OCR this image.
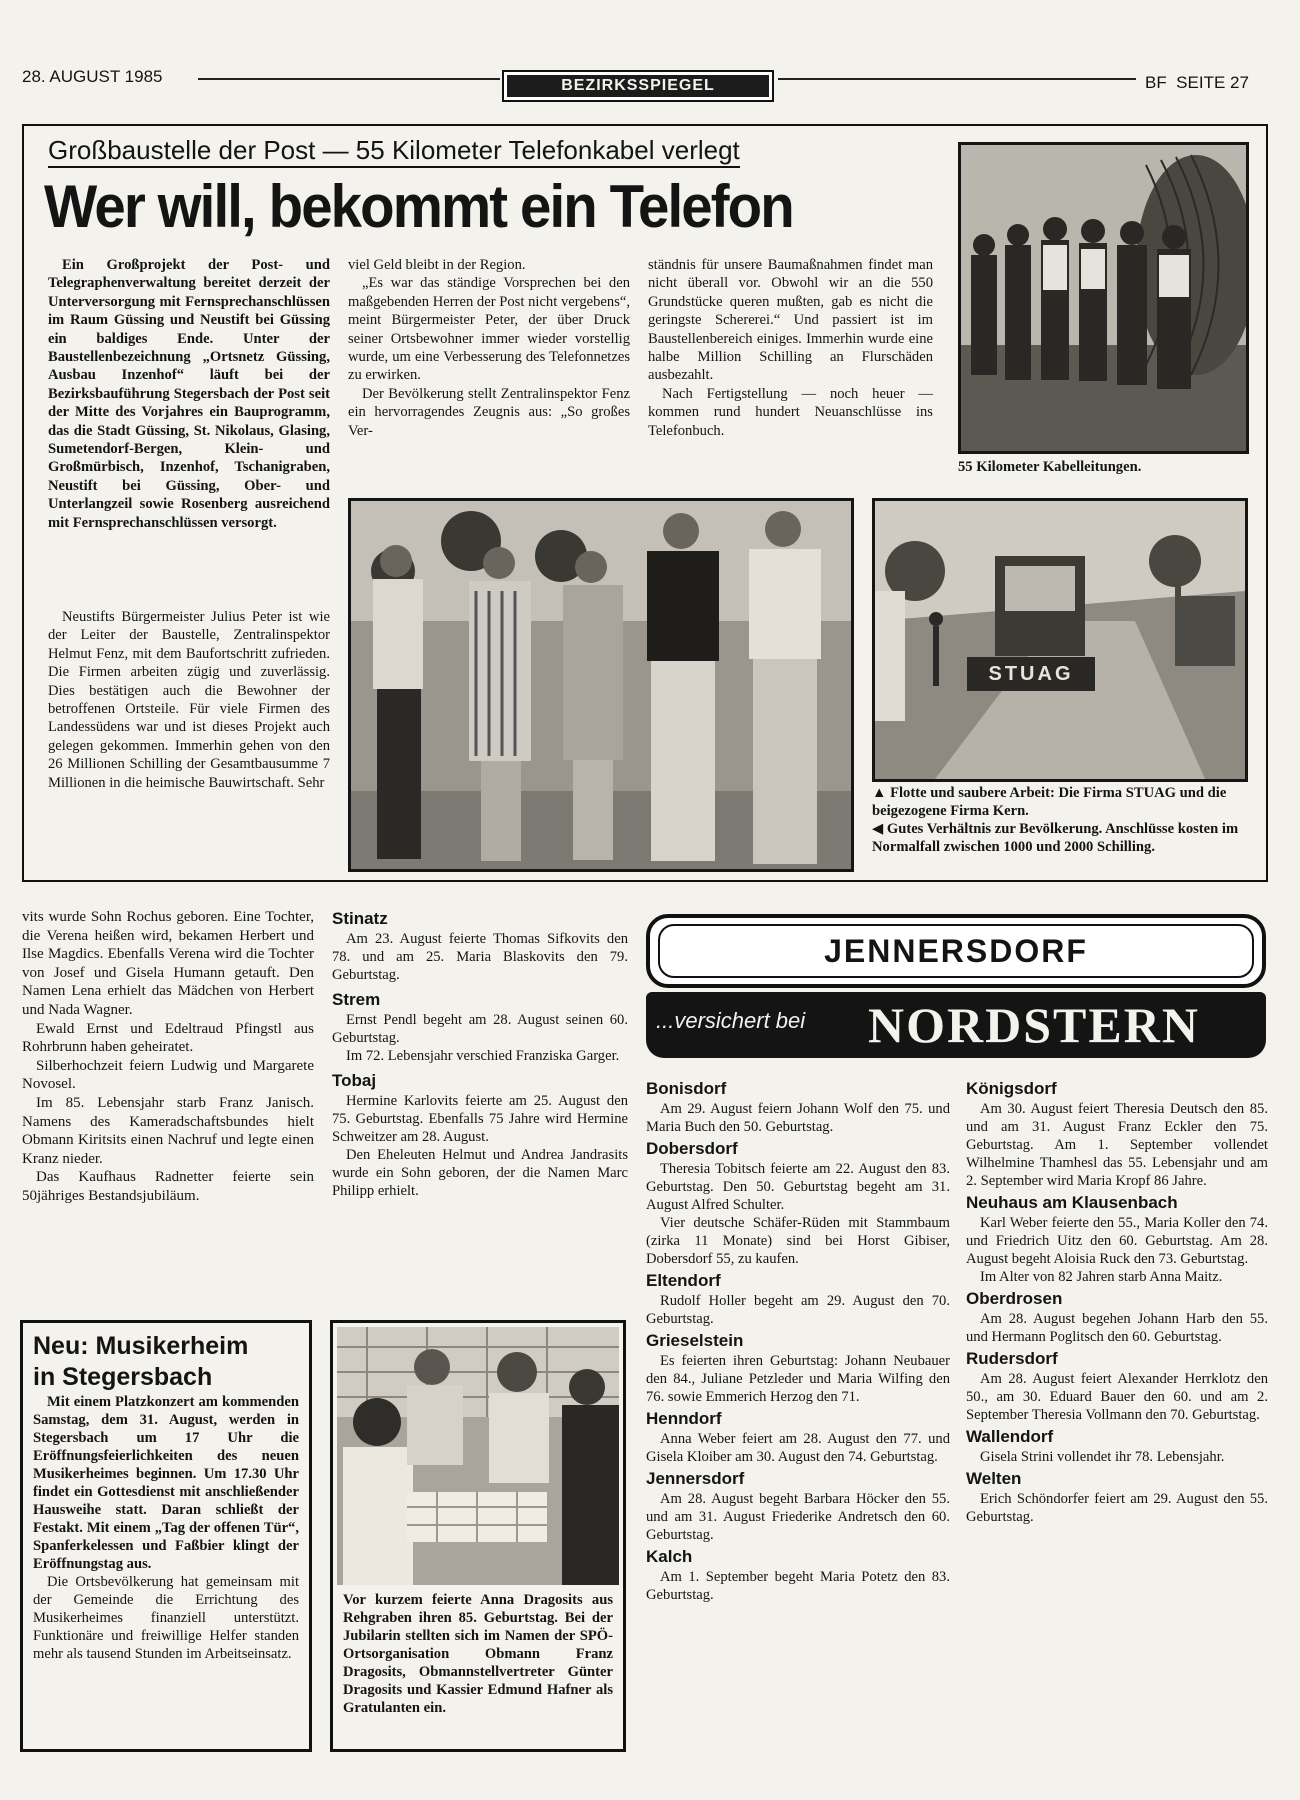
28. AUGUST 1985	BEZIRKSSPIEGEL	BF  SEITE 27
Großbaustelle der Post — 55 Kilometer Telefonkabel verlegt
Wer will, bekommt ein Telefon

Ein Großprojekt der Post- und Telegraphenverwaltung bereitet derzeit der Unterversorgung mit Fernsprechanschlüssen im Raum Güssing und Neustift bei Güssing ein baldiges Ende. Unter der Baustellenbezeichnung „Ortsnetz Güssing, Ausbau Inzenhof“ läuft bei der Bezirksbauführung Stegersbach der Post seit der Mitte des Vorjahres ein Bauprogramm, das die Stadt Güssing, St. Nikolaus, Glasing, Sumetendorf-Bergen, Klein- und Großmürbisch, Inzenhof, Tschanigraben, Neustift bei Güssing, Ober- und Unterlangzeil sowie Rosenberg ausreichend mit Fernsprechanschlüssen versorgt.

Neustifts Bürgermeister Julius Peter ist wie der Leiter der Baustelle, Zentralinspektor Helmut Fenz, mit dem Baufortschritt zufrieden. Die Firmen arbeiten zügig und zuverlässig. Dies bestätigen auch die Bewohner der betroffenen Ortsteile. Für viele Firmen des Landessüdens war und ist dieses Projekt auch gelegen gekommen. Immerhin gehen von den 26 Millionen Schilling der Gesamtbausumme 7 Millionen in die heimische Bauwirtschaft. Sehr

viel Geld bleibt in der Region.

„Es war das ständige Vorsprechen bei den maßgebenden Herren der Post nicht vergebens“, meint Bürgermeister Peter, der über Druck seiner Ortsbewohner immer wieder vorstellig wurde, um eine Verbesserung des Telefonnetzes zu erwirken.

Der Bevölkerung stellt Zentralinspektor Fenz ein hervorragendes Zeugnis aus: „So großes Ver-

ständnis für unsere Baumaßnahmen findet man nicht überall vor. Obwohl wir an die 550 Grundstücke queren mußten, gab es nicht die geringste Schererei.“ Und passiert ist im Baustellenbereich einiges. Immerhin wurde eine halbe Million Schilling an Flurschäden ausbezahlt.

Nach Fertigstellung — noch heuer — kommen rund hundert Neuanschlüsse ins Telefonbuch.

55 Kilometer Kabelleitungen.
STUAG

▲ Flotte und saubere Arbeit: Die Firma STUAG und die beigezogene Firma Kern.

◀ Gutes Verhältnis zur Bevölkerung. Anschlüsse kosten im Normalfall zwischen 1000 und 2000 Schilling.

vits wurde Sohn Rochus geboren. Eine Tochter, die Verena heißen wird, bekamen Herbert und Ilse Magdics. Ebenfalls Verena wird die Tochter von Josef und Gisela Humann getauft. Den Namen Lena erhielt das Mädchen von Herbert und Nada Wagner.

Ewald Ernst und Edeltraud Pfingstl aus Rohrbrunn haben geheiratet.

Silberhochzeit feiern Ludwig und Margarete Novosel.

Im 85. Lebensjahr starb Franz Janisch. Namens des Kameradschaftsbundes hielt Obmann Kiritsits einen Nachruf und legte einen Kranz nieder.

Das Kaufhaus Radnetter feierte sein 50jähriges Bestandsjubiläum.

Stinatz

Am 23. August feierte Thomas Sifkovits den 78. und am 25. Maria Blaskovits den 79. Geburtstag.

Strem

Ernst Pendl begeht am 28. August seinen 60. Geburtstag.

Im 72. Lebensjahr verschied Franziska Garger.

Tobaj

Hermine Karlovits feierte am 25. August den 75. Geburtstag. Ebenfalls 75 Jahre wird Hermine Schweitzer am 28. August.

Den Eheleuten Helmut und Andrea Jandrasits wurde ein Sohn geboren, der die Namen Marc Philipp erhielt.

JENNERSDORF
...versichert bei NORDSTERN
Bonisdorf

Am 29. August feiern Johann Wolf den 75. und Maria Buch den 50. Geburtstag.

Dobersdorf

Theresia Tobitsch feierte am 22. August den 83. Geburtstag. Den 50. Geburtstag begeht am 31. August Alfred Schulter.

Vier deutsche Schäfer-Rüden mit Stammbaum (zirka 11 Monate) sind bei Horst Gibiser, Dobersdorf 55, zu kaufen.

Eltendorf

Rudolf Holler begeht am 29. August den 70. Geburtstag.

Grieselstein

Es feierten ihren Geburtstag: Johann Neubauer den 84., Juliane Petzleder und Maria Wilfing den 76. sowie Emmerich Herzog den 71.

Henndorf

Anna Weber feiert am 28. August den 77. und Gisela Kloiber am 30. August den 74. Geburtstag.

Jennersdorf

Am 28. August begeht Barbara Höcker den 55. und am 31. August Friederike Andretsch den 60. Geburtstag.

Kalch

Am 1. September begeht Maria Potetz den 83. Geburtstag.

Königsdorf

Am 30. August feiert Theresia Deutsch den 85. und am 31. August Franz Eckler den 75. Geburtstag. Am 1. September vollendet Wilhelmine Thamhesl das 55. Lebensjahr und am 2. September wird Maria Kropf 86 Jahre.

Neuhaus am Klausenbach

Karl Weber feierte den 55., Maria Koller den 74. und Friedrich Uitz den 60. Geburtstag. Am 28. August begeht Aloisia Ruck den 73. Geburtstag.

Im Alter von 82 Jahren starb Anna Maitz.

Oberdrosen

Am 28. August begehen Johann Harb den 55. und Hermann Poglitsch den 60. Geburtstag.

Rudersdorf

Am 28. August feiert Alexander Herrklotz den 50., am 30. Eduard Bauer den 60. und am 2. September Theresia Vollmann den 70. Geburtstag.

Wallendorf

Gisela Strini vollendet ihr 78. Lebensjahr.

Welten

Erich Schöndorfer feiert am 29. August den 55. Geburtstag.

Neu: Musikerheim
in Stegersbach

Mit einem Platzkonzert am kommenden Samstag, dem 31. August, werden in Stegersbach um 17 Uhr die Eröffnungsfeierlichkeiten des neuen Musikerheimes beginnen. Um 17.30 Uhr findet ein Gottesdienst mit anschließender Hausweihe statt. Daran schließt der Festakt. Mit einem „Tag der offenen Tür“, Spanferkelessen und Faßbier klingt der Eröffnungstag aus.

Die Ortsbevölkerung hat gemeinsam mit der Gemeinde die Errichtung des Musikerheimes finanziell unterstützt. Funktionäre und freiwillige Helfer standen mehr als tausend Stunden im Arbeitseinsatz.

Vor kurzem feierte Anna Dragosits aus Rehgraben ihren 85. Geburtstag. Bei der Jubilarin stellten sich im Namen der SPÖ-Ortsorganisation Obmann Franz Dragosits, Obmannstellvertreter Günter Dragosits und Kassier Edmund Hafner als Gratulanten ein.
